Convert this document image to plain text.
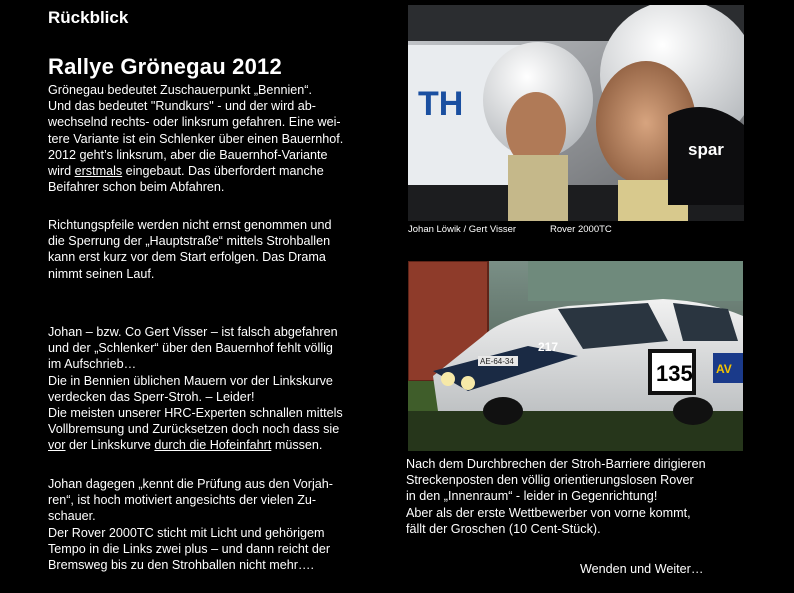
Rückblick
Rallye Grönegau 2012

Grönegau bedeutet Zuschauerpunkt „Bennien“.

Und das bedeutet "Rundkurs" - und der wird ab-

wechselnd rechts- oder linksrum gefahren. Eine wei-

tere Variante ist ein Schlenker über einen Bauernhof.

2012 geht’s linksrum, aber die Bauernhof-Variante

wird erstmals eingebaut. Das überfordert manche

Beifahrer schon beim Abfahren.

Richtungspfeile werden nicht ernst genommen und

die Sperrung der „Hauptstraße“ mittels Strohballen

kann erst kurz vor dem Start erfolgen. Das Drama

nimmt seinen Lauf.

Johan – bzw. Co Gert Visser – ist falsch abgefahren

und der „Schlenker“ über den Bauernhof fehlt völlig

im Aufschrieb…

Die in Bennien üblichen Mauern vor der Linkskurve

verdecken das Sperr-Stroh. – Leider!

Die meisten unserer HRC-Experten schnallen mittels

Vollbremsung und Zurücksetzen doch noch dass sie

vor der Linkskurve durch die Hofeinfahrt müssen.

Johan dagegen „kennt die Prüfung aus den Vorjah-

ren“, ist hoch motiviert angesichts der vielen Zu-

schauer.

Der Rover 2000TC sticht mit Licht und gehörigem

Tempo in die Links zwei plus – und dann reicht der

Bremsweg bis zu den Strohballen nicht mehr….

TH
spar
Johan Löwik / Gert Visser	Rover 2000TC
217
135 AV
AE-64-34

Nach dem Durchbrechen der Stroh-Barriere dirigieren

Streckenposten den völlig orientierungslosen Rover

in den „Innenraum“ - leider in Gegenrichtung!

Aber als der erste Wettbewerber von vorne kommt,

fällt der Groschen (10 Cent-Stück).

Wenden und Weiter…
